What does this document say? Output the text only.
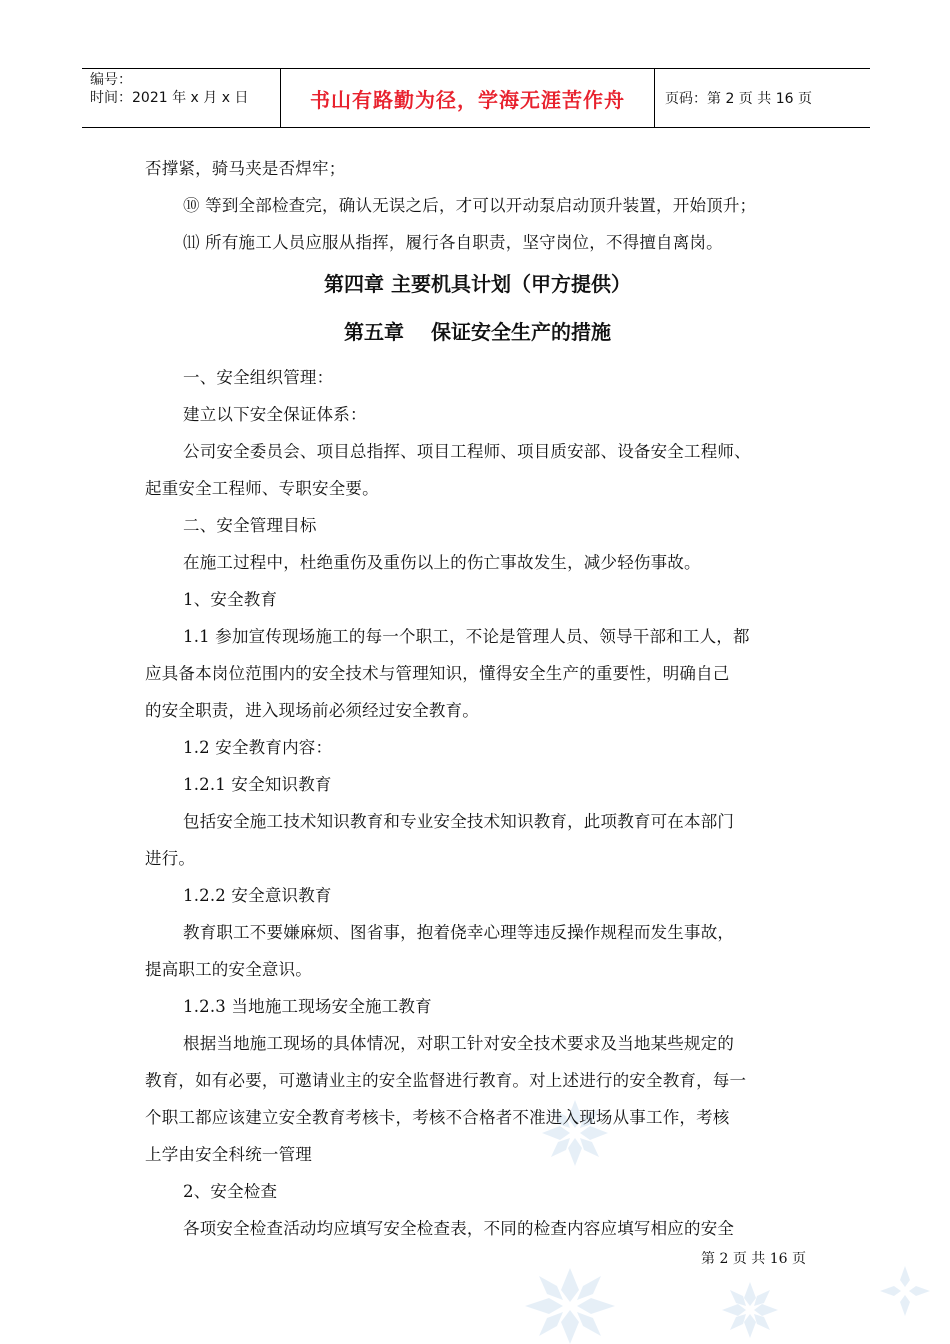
编号：
时间：2021 年 x 月 x 日	书山有路勤为径，学海无涯苦作舟	页码：第 2 页 共 16 页

否撑紧，骑马夹是否焊牢；

⑩ 等到全部检查完，确认无误之后，才可以开动泵启动顶升装置，开始顶升；

⑾ 所有施工人员应服从指挥，履行各自职责，坚守岗位，不得擅自离岗。

第四章 主要机具计划（甲方提供）
第五章　 保证安全生产的措施

一、安全组织管理：

建立以下安全保证体系：

公司安全委员会、项目总指挥、项目工程师、项目质安部、设备安全工程师、

起重安全工程师、专职安全要。

二、安全管理目标

在施工过程中，杜绝重伤及重伤以上的伤亡事故发生，减少轻伤事故。

1、安全教育

1.1 参加宣传现场施工的每一个职工，不论是管理人员、领导干部和工人，都

应具备本岗位范围内的安全技术与管理知识，懂得安全生产的重要性，明确自己

的安全职责，进入现场前必须经过安全教育。

1.2 安全教育内容：

1.2.1 安全知识教育

包括安全施工技术知识教育和专业安全技术知识教育，此项教育可在本部门

进行。

1.2.2 安全意识教育

教育职工不要嫌麻烦、图省事，抱着侥幸心理等违反操作规程而发生事故，

提高职工的安全意识。

1.2.3 当地施工现场安全施工教育

根据当地施工现场的具体情况，对职工针对安全技术要求及当地某些规定的

教育，如有必要，可邀请业主的安全监督进行教育。对上述进行的安全教育，每一

个职工都应该建立安全教育考核卡，考核不合格者不准进入现场从事工作，考核

上学由安全科统一管理

2、安全检查

各项安全检查活动均应填写安全检查表，不同的检查内容应填写相应的安全

第 2 页 共 16 页
